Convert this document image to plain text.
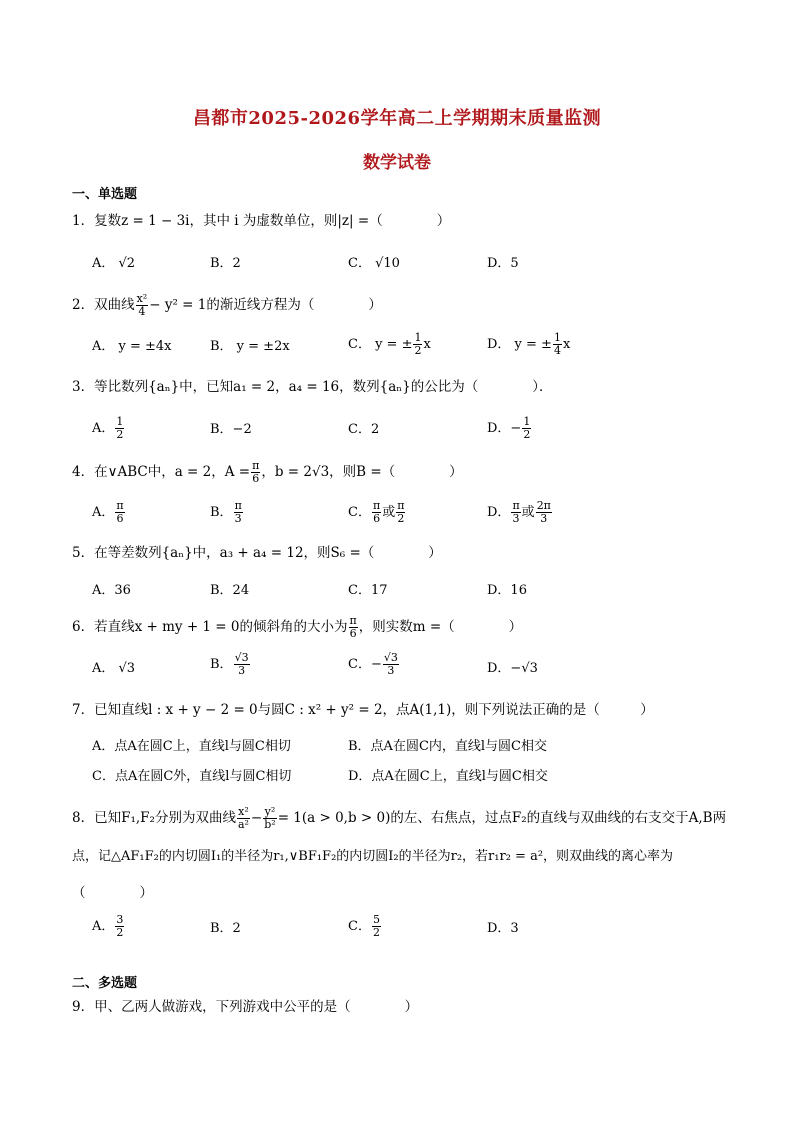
昌都市2025-2026学年高二上学期期末质量监测
数学试卷
一、单选题
1．复数z = 1 − 3i，其中 i 为虚数单位，则|z| =（　　　　）
A． √2	B．2	C． √10	D．5
2．双曲线 $\frac{\text{x²}}{4} - y^2 = 1$的渐近线方程为（　　　　）
A． y = ±4x	B． y = ±2x	C． y = ± $\frac{1}{2}$ x	D． y = ± $\frac{1}{4}$ x
3．等比数列{aₙ}中，已知a₁ = 2，a₄ = 16，数列{aₙ}的公比为（　　　　）．
A． $\frac{1}{2}$	B．−2	C．2	D．− $\frac{1}{2}$
4．在∨ABC中，a = 2，$A = \frac{\pi}{6}$ ，b = 2√3，则B =（　　　　）
A． $\frac{\pi}{6}$	B． $\frac{\pi}{3}$	C． $\frac{\pi}{6}$ 或 $\frac{\pi}{2}$	D． $\frac{\pi}{3}$ 或 $\frac{2\pi}{3}$
5．在等差数列{aₙ}中，a₃ + a₄ = 12，则S₆ =（　　　　）
A．36	B．24	C．17	D．16
6．若直线x + my + 1 = 0的倾斜角的大小为 $\frac{\pi}{6}$ ，则实数m =（　　　　）
A． √3	B． $\frac{√3}{3}$	C．− $\frac{√3}{3}$	D．−√3
7．已知直线l : x + y − 2 = 0与圆C : x² + y² = 2，点A(1,1)，则下列说法正确的是（　　　）
A．点A在圆C上，直线l与圆C相切	B．点A在圆C内，直线l与圆C相交
C．点A在圆C外，直线l与圆C相切	D．点A在圆C上，直线l与圆C相交
8．已知F₁,F₂分别为双曲线 $\frac{\text{x²}}{\text{a²}} - \frac{\text{y²}}{\text{b²}} = 1(a > 0,b > 0)$的左、右焦点，过点F₂的直线与双曲线的右支交于A,B两
点，记△AF₁F₂的内切圆I₁的半径为r₁,∨BF₁F₂的内切圆I₂的半径为r₂，若r₁r₂ = a²，则双曲线的离心率为
（　　　　）
A． $\frac{3}{2}$	B．2	C． $\frac{5}{2}$	D．3
二、多选题
9．甲、乙两人做游戏，下列游戏中公平的是（　　　　）
